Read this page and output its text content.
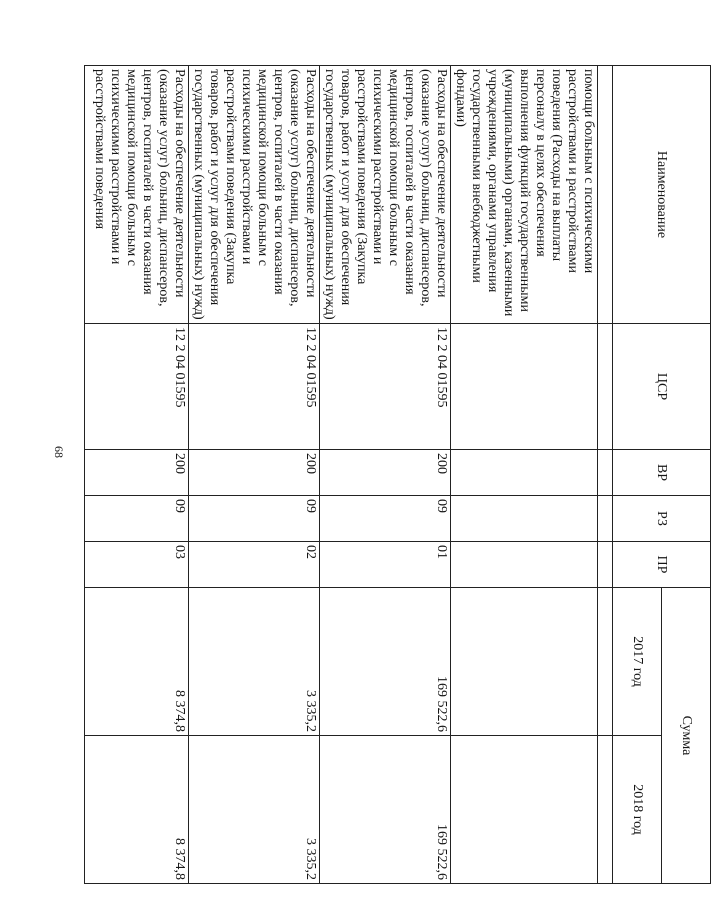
68
Наименование	ЦСР	ВР	РЗ	ПР	Сумма	
					2017 год	2018 год

помощи больным с психическими расстройствами и расстройствами поведения (Расходы на выплаты персоналу в целях обеспечения выполнения функций государственными (муниципальными) органами, казенными учреждениями, органами управления государственными внебюджетными фондами)						
Расходы на обеспечение деятельности (оказание услуг) больниц, диспансеров, центров, госпиталей в части оказания медицинской помощи больным с психическими расстройствами и расстройствами поведения (Закупка товаров, работ и услуг для обеспечения государственных (муниципальных) нужд)	12 2 04 01595	200	09	01	169 522,6	169 522,6
Расходы на обеспечение деятельности (оказание услуг) больниц, диспансеров, центров, госпиталей в части оказания медицинской помощи больным с психическими расстройствами и расстройствами поведения (Закупка товаров, работ и услуг для обеспечения государственных (муниципальных) нужд)	12 2 04 01595	200	09	02	3 335,2	3 335,2
Расходы на обеспечение деятельности (оказание услуг) больниц, диспансеров, центров, госпиталей в части оказания медицинской помощи больным с психическими расстройствами и расстройствами поведения	12 2 04 01595	200	09	03	8 374,8	8 374,8
